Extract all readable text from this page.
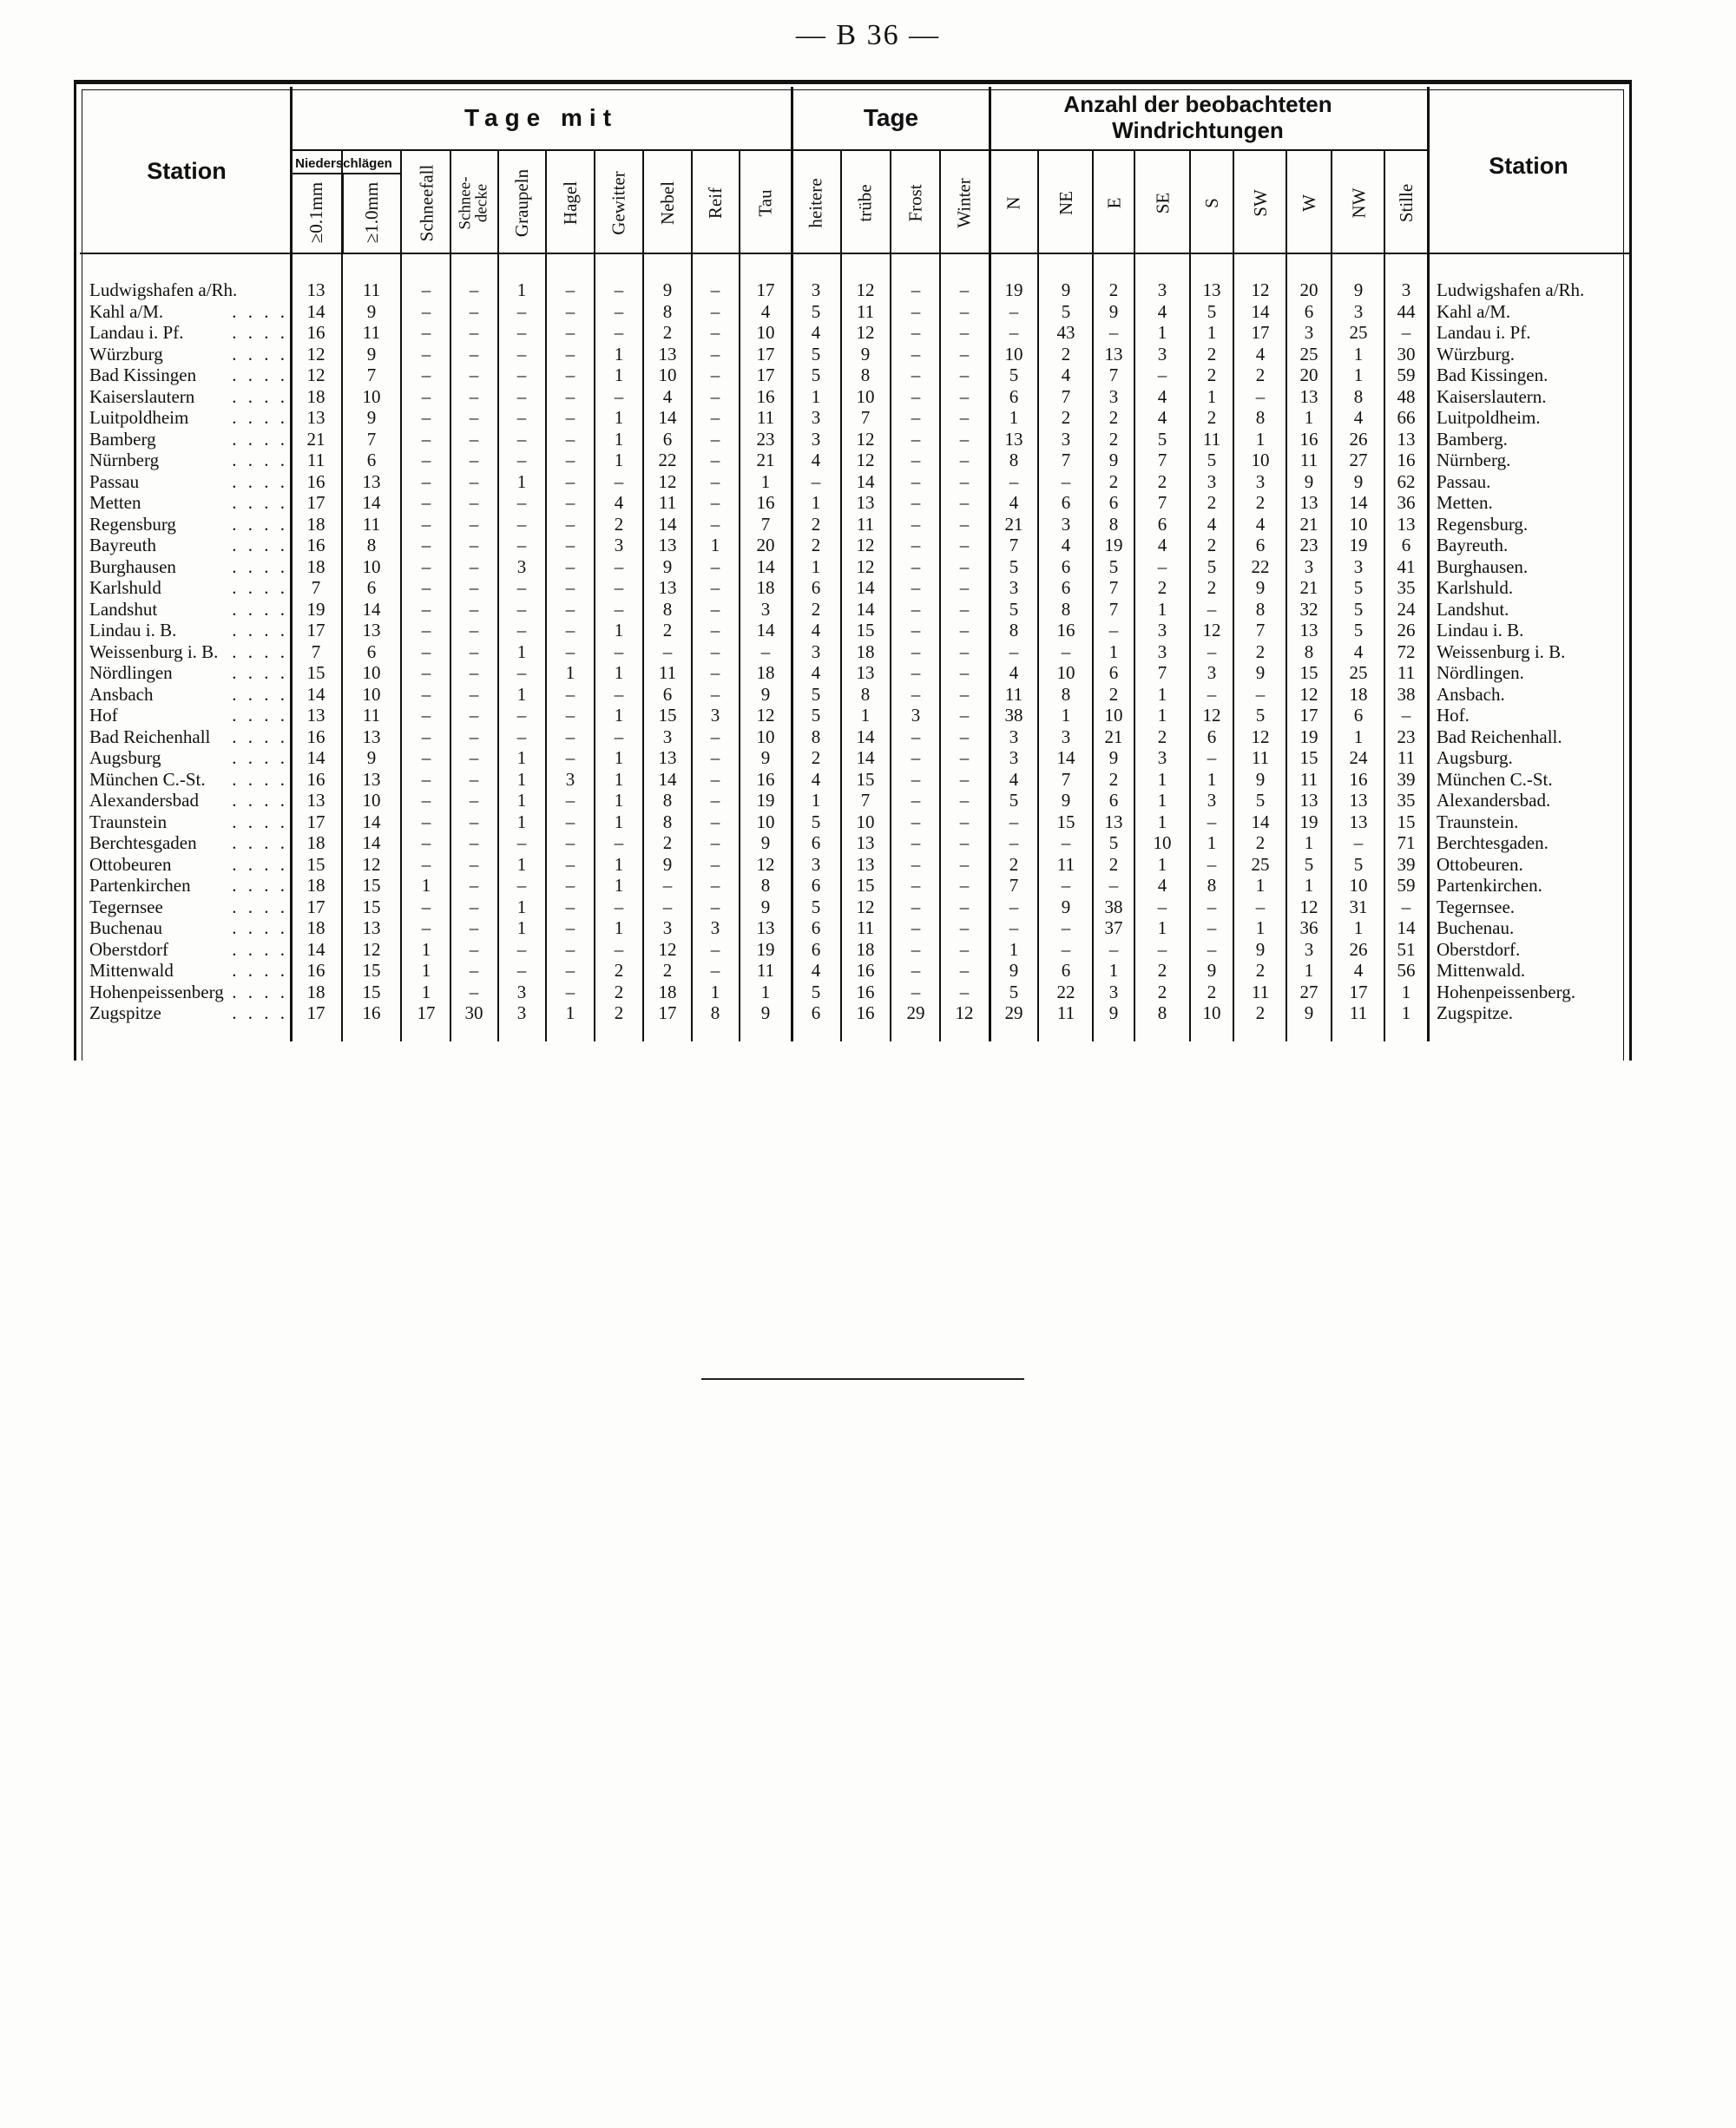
— B 36 —
Station	Station
Tage mit	Tage	Anzahl der beobachteten Windrichtungen
Niederschlägen
≥0.1mm ≥1.0mm Schneefall Schnee-
decke Graupeln Hagel Gewitter Nebel Reif Tau heitere trübe Frost Winter N NE E SE S SW W NW Stille
Ludwigshafen a/Rh.	13	11	–	–	1	–	–	9	–	17	3	12	–	–	19	9	2	3	13	12	20	9	3	Ludwigshafen a/Rh.
Kahl a/M.	. . . .	14	9	–	–	–	–	–	8	–	4	5	11	–	–	–	5	9	4	5	14	6	3	44	Kahl a/M.
Landau i. Pf.	. . . .	16	11	–	–	–	–	–	2	–	10	4	12	–	–	–	43	–	1	1	17	3	25	–	Landau i. Pf.
Würzburg	. . . .	12	9	–	–	–	–	1	13	–	17	5	9	–	–	10	2	13	3	2	4	25	1	30	Würzburg.
Bad Kissingen	. . . .	12	7	–	–	–	–	1	10	–	17	5	8	–	–	5	4	7	–	2	2	20	1	59	Bad Kissingen.
Kaiserslautern	. . . .	18	10	–	–	–	–	–	4	–	16	1	10	–	–	6	7	3	4	1	–	13	8	48	Kaiserslautern.
Luitpoldheim	. . . .	13	9	–	–	–	–	1	14	–	11	3	7	–	–	1	2	2	4	2	8	1	4	66	Luitpoldheim.
Bamberg	. . . .	21	7	–	–	–	–	1	6	–	23	3	12	–	–	13	3	2	5	11	1	16	26	13	Bamberg.
Nürnberg	. . . .	11	6	–	–	–	–	1	22	–	21	4	12	–	–	8	7	9	7	5	10	11	27	16	Nürnberg.
Passau	. . . .	16	13	–	–	1	–	–	12	–	1	–	14	–	–	–	–	2	2	3	3	9	9	62	Passau.
Metten	. . . .	17	14	–	–	–	–	4	11	–	16	1	13	–	–	4	6	6	7	2	2	13	14	36	Metten.
Regensburg	. . . .	18	11	–	–	–	–	2	14	–	7	2	11	–	–	21	3	8	6	4	4	21	10	13	Regensburg.
Bayreuth	. . . .	16	8	–	–	–	–	3	13	1	20	2	12	–	–	7	4	19	4	2	6	23	19	6	Bayreuth.
Burghausen	. . . .	18	10	–	–	3	–	–	9	–	14	1	12	–	–	5	6	5	–	5	22	3	3	41	Burghausen.
Karlshuld	. . . .	7	6	–	–	–	–	–	13	–	18	6	14	–	–	3	6	7	2	2	9	21	5	35	Karlshuld.
Landshut	. . . .	19	14	–	–	–	–	–	8	–	3	2	14	–	–	5	8	7	1	–	8	32	5	24	Landshut.
Lindau i. B.	. . . .	17	13	–	–	–	–	1	2	–	14	4	15	–	–	8	16	–	3	12	7	13	5	26	Lindau i. B.
Weissenburg i. B. . . . .	7	6	–	–	1	–	–	–	–	–	3	18	–	–	–	–	1	3	–	2	8	4	72	Weissenburg i. B.
Nördlingen	. . . .	15	10	–	–	–	1	1	11	–	18	4	13	–	–	4	10	6	7	3	9	15	25	11	Nördlingen.
Ansbach	. . . .	14	10	–	–	1	–	–	6	–	9	5	8	–	–	11	8	2	1	–	–	12	18	38	Ansbach.
Hof	. . . .	13	11	–	–	–	–	1	15	3	12	5	1	3	–	38	1	10	1	12	5	17	6	–	Hof.
Bad Reichenhall	. . . .	16	13	–	–	–	–	–	3	–	10	8	14	–	–	3	3	21	2	6	12	19	1	23	Bad Reichenhall.
Augsburg	. . . .	14	9	–	–	1	–	1	13	–	9	2	14	–	–	3	14	9	3	–	11	15	24	11	Augsburg.
München C.-St.	. . . .	16	13	–	–	1	3	1	14	–	16	4	15	–	–	4	7	2	1	1	9	11	16	39	München C.-St.
Alexandersbad	. . . .	13	10	–	–	1	–	1	8	–	19	1	7	–	–	5	9	6	1	3	5	13	13	35	Alexandersbad.
Traunstein	. . . .	17	14	–	–	1	–	1	8	–	10	5	10	–	–	–	15	13	1	–	14	19	13	15	Traunstein.
Berchtesgaden	. . . .	18	14	–	–	–	–	–	2	–	9	6	13	–	–	–	–	5	10	1	2	1	–	71	Berchtesgaden.
Ottobeuren	. . . .	15	12	–	–	1	–	1	9	–	12	3	13	–	–	2	11	2	1	–	25	5	5	39	Ottobeuren.
Partenkirchen	. . . .	18	15	1	–	–	–	1	–	–	8	6	15	–	–	7	–	–	4	8	1	1	10	59	Partenkirchen.
Tegernsee	. . . .	17	15	–	–	1	–	–	–	–	9	5	12	–	–	–	9	38	–	–	–	12	31	–	Tegernsee.
Buchenau	. . . .	18	13	–	–	1	–	1	3	3	13	6	11	–	–	–	–	37	1	–	1	36	1	14	Buchenau.
Oberstdorf	. . . .	14	12	1	–	–	–	–	12	–	19	6	18	–	–	1	–	–	–	–	9	3	26	51	Oberstdorf.
Mittenwald	. . . .	16	15	1	–	–	–	2	2	–	11	4	16	–	–	9	6	1	2	9	2	1	4	56	Mittenwald.
Hohenpeissenberg . . . .	18	15	1	–	3	–	2	18	1	1	5	16	–	–	5	22	3	2	2	11	27	17	1	Hohenpeissenberg.
Zugspitze	. . . .	17	16	17	30	3	1	2	17	8	9	6	16	29	12	29	11	9	8	10	2	9	11	1	Zugspitze.
